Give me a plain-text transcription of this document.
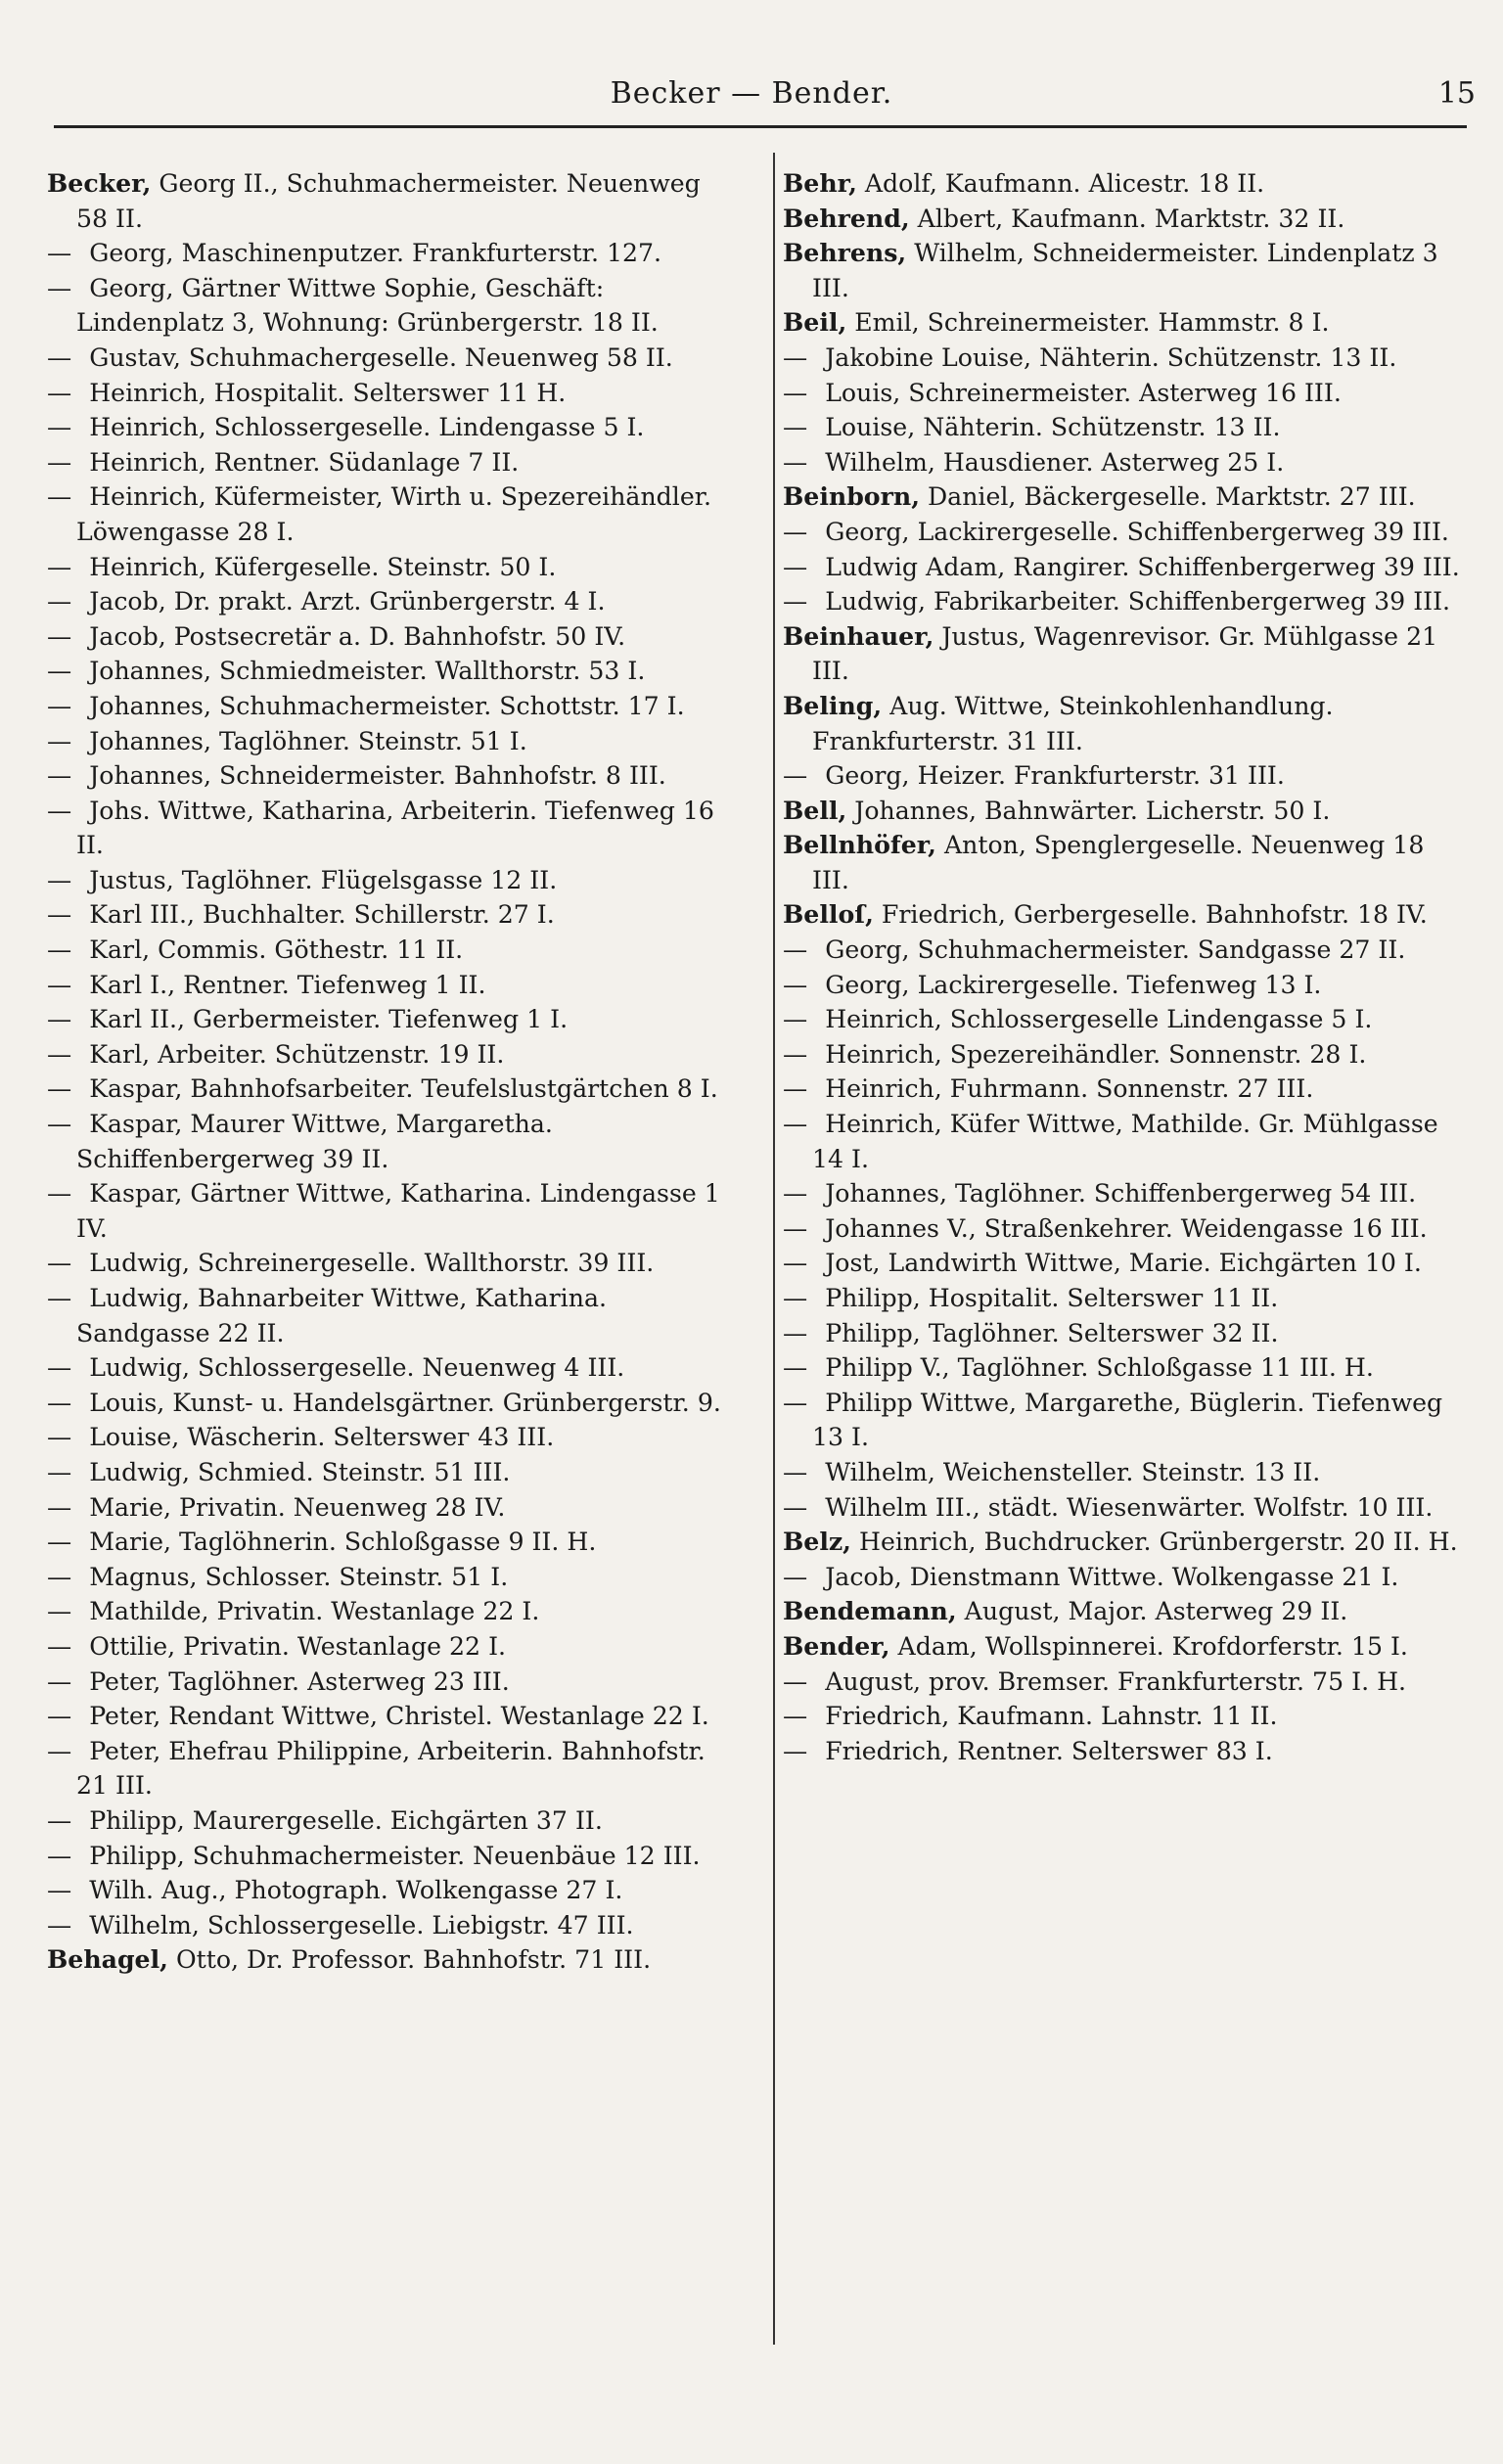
Becker — Bender.	15
Becker, Georg II., Schuhmachermeister. Neuenweg 58 II.
— Georg, Maschinenputzer. Frankfurterstr. 127.
— Georg, Gärtner Wittwe Sophie, Geschäft: Lindenplatz 3, Wohnung: Grünbergerstr. 18 II.
— Gustav, Schuhmachergeselle. Neuenweg 58 II.
— Heinrich, Hospitalit. Selterswег 11 H.
— Heinrich, Schlossergeselle. Lindengasse 5 I.
— Heinrich, Rentner. Südanlage 7 II.
— Heinrich, Küfermeister, Wirth u. Spezereihändler. Löwengasse 28 I.
— Heinrich, Küfergeselle. Steinstr. 50 I.
— Jacob, Dr. prakt. Arzt. Grünbergerstr. 4 I.
— Jacob, Postsecretär a. D. Bahnhofstr. 50 IV.
— Johannes, Schmiedmeister. Wallthorstr. 53 I.
— Johannes, Schuhmachermeister. Schottstr. 17 I.
— Johannes, Taglöhner. Steinstr. 51 I.
— Johannes, Schneidermeister. Bahnhofstr. 8 III.
— Johs. Wittwe, Katharina, Arbeiterin. Tiefenweg 16 II.
— Justus, Taglöhner. Flügelsgasse 12 II.
— Karl III., Buchhalter. Schillerstr. 27 I.
— Karl, Commis. Göthestr. 11 II.
— Karl I., Rentner. Tiefenweg 1 II.
— Karl II., Gerbermeister. Tiefenweg 1 I.
— Karl, Arbeiter. Schützenstr. 19 II.
— Kaspar, Bahnhofsarbeiter. Teufelslustgärtchen 8 I.
— Kaspar, Maurer Wittwe, Margaretha. Schiffenbergerweg 39 II.
— Kaspar, Gärtner Wittwe, Katharina. Lindengasse 1 IV.
— Ludwig, Schreinergeselle. Wallthorstr. 39 III.
— Ludwig, Bahnarbeiter Wittwe, Katharina. Sandgasse 22 II.
— Ludwig, Schlossergeselle. Neuenweg 4 III.
— Louis, Kunst- u. Handelsgärtner. Grünbergerstr. 9.
— Louise, Wäscherin. Selterswег 43 III.
— Ludwig, Schmied. Steinstr. 51 III.
— Marie, Privatin. Neuenweg 28 IV.
— Marie, Taglöhnerin. Schloßgasse 9 II. H.
— Magnus, Schlosser. Steinstr. 51 I.
— Mathilde, Privatin. Westanlage 22 I.
— Ottilie, Privatin. Westanlage 22 I.
— Peter, Taglöhner. Asterweg 23 III.
— Peter, Rendant Wittwe, Christel. Westanlage 22 I.
— Peter, Ehefrau Philippine, Arbeiterin. Bahnhofstr. 21 III.
— Philipp, Maurergeselle. Eichgärten 37 II.
— Philipp, Schuhmachermeister. Neuenbäue 12 III.
— Wilh. Aug., Photograph. Wolkengasse 27 I.
— Wilhelm, Schlossergeselle. Liebigstr. 47 III.
Behagel, Otto, Dr. Professor. Bahnhofstr. 71 III.
Behr, Adolf, Kaufmann. Alicestr. 18 II.
Behrend, Albert, Kaufmann. Marktstr. 32 II.
Behrens, Wilhelm, Schneidermeister. Lindenplatz 3 III.
Beil, Emil, Schreinermeister. Hammstr. 8 I.
— Jakobine Louise, Nähterin. Schützenstr. 13 II.
— Louis, Schreinermeister. Asterweg 16 III.
— Louise, Nähterin. Schützenstr. 13 II.
— Wilhelm, Hausdiener. Asterweg 25 I.
Beinborn, Daniel, Bäckergeselle. Marktstr. 27 III.
— Georg, Lackirergeselle. Schiffenbergerweg 39 III.
— Ludwig Adam, Rangirer. Schiffenbergerweg 39 III.
— Ludwig, Fabrikarbeiter. Schiffenbergerweg 39 III.
Beinhauer, Justus, Wagenrevisor. Gr. Mühlgasse 21 III.
Beling, Aug. Wittwe, Steinkohlenhandlung. Frankfurterstr. 31 III.
— Georg, Heizer. Frankfurterstr. 31 III.
Bell, Johannes, Bahnwärter. Licherstr. 50 I.
Bellnhöfer, Anton, Spenglergeselle. Neuenweg 18 III.
Belloſ, Friedrich, Gerbergeselle. Bahnhofstr. 18 IV.
— Georg, Schuhmachermeister. Sandgasse 27 II.
— Georg, Lackirergeselle. Tiefenweg 13 I.
— Heinrich, Schlossergeselle Lindengasse 5 I.
— Heinrich, Spezereihändler. Sonnenstr. 28 I.
— Heinrich, Fuhrmann. Sonnenstr. 27 III.
— Heinrich, Küfer Wittwe, Mathilde. Gr. Mühlgasse 14 I.
— Johannes, Taglöhner. Schiffenbergerweg 54 III.
— Johannes V., Straßenkehrer. Weidengasse 16 III.
— Jost, Landwirth Wittwe, Marie. Eichgärten 10 I.
— Philipp, Hospitalit. Selterswег 11 II.
— Philipp, Taglöhner. Selterswег 32 II.
— Philipp V., Taglöhner. Schloßgasse 11 III. H.
— Philipp Wittwe, Margarethe, Büglerin. Tiefenweg 13 I.
— Wilhelm, Weichensteller. Steinstr. 13 II.
— Wilhelm III., städt. Wiesenwärter. Wolfstr. 10 III.
Belz, Heinrich, Buchdrucker. Grünbergerstr. 20 II. H.
— Jacob, Dienstmann Wittwe. Wolkengasse 21 I.
Bendemann, August, Major. Asterweg 29 II.
Bender, Adam, Wollspinnerei. Krofdorferstr. 15 I.
— August, prov. Bremser. Frankfurterstr. 75 I. H.
— Friedrich, Kaufmann. Lahnstr. 11 II.
— Friedrich, Rentner. Selterswег 83 I.
